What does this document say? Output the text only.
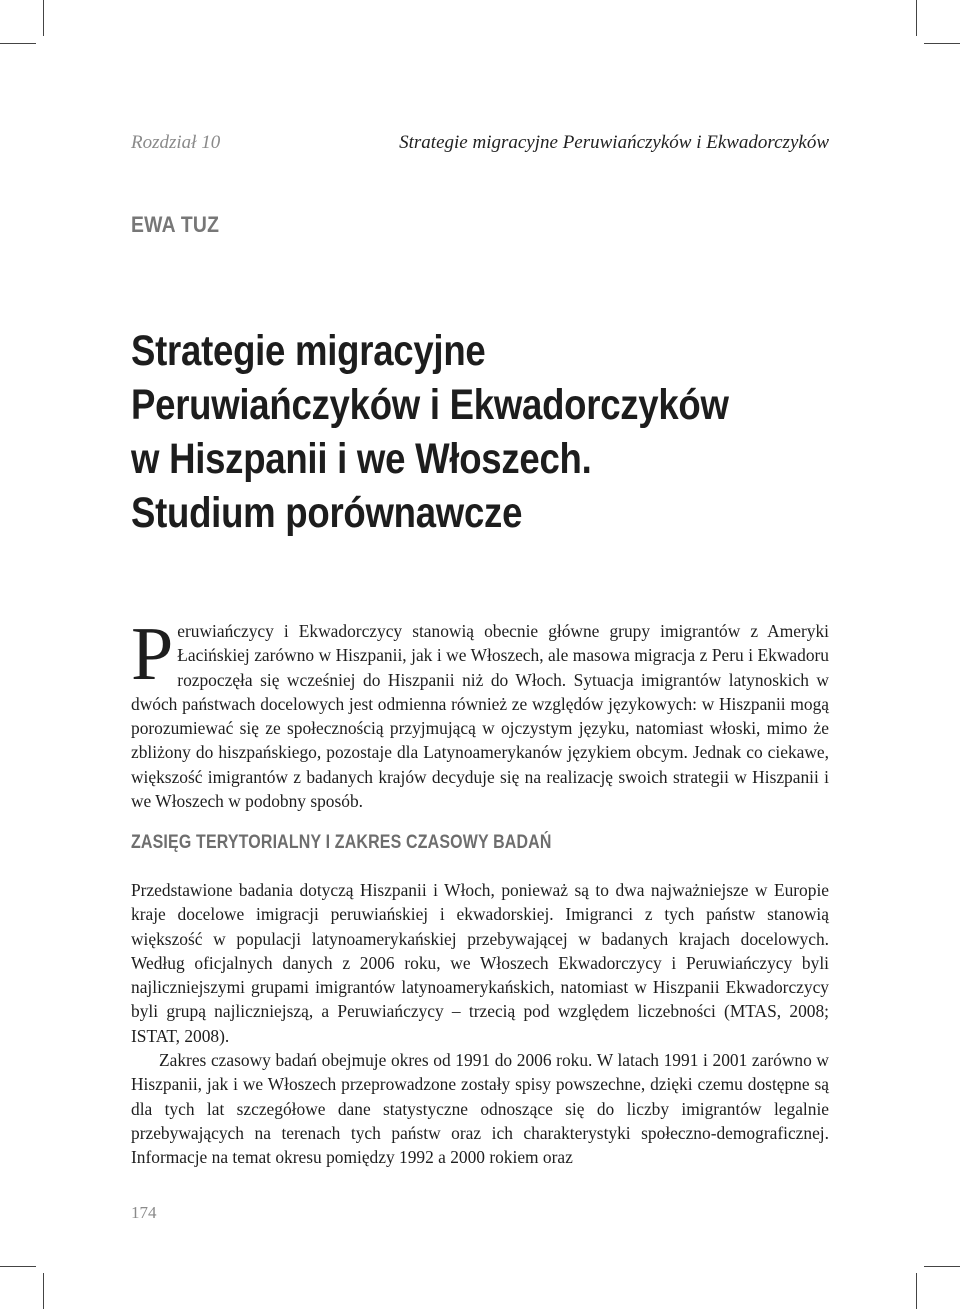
Rozdział 10	Strategie migracyjne Peruwiańczyków i Ekwadorczyków
EWA TUZ
Strategie migracyjne
Peruwiańczyków i Ekwadorczyków
w Hiszpanii i we Włoszech.
Studium porównawcze

Peruwiańczycy i Ekwadorczycy stanowią obecnie główne grupy imigrantów z Ameryki Łacińskiej zarówno w Hiszpanii, jak i we Włoszech, ale masowa migracja z Peru i Ekwadoru rozpoczęła się wcześniej do Hiszpanii niż do Włoch. Sytuacja imigrantów latynoskich w dwóch państwach docelowych jest odmienna również ze względów językowych: w Hiszpanii mogą porozumiewać się ze społecznością przyjmującą w ojczystym języku, natomiast włoski, mimo że zbliżony do hiszpańskiego, pozostaje dla Latynoamerykanów językiem obcym. Jednak co ciekawe, większość imigrantów z badanych krajów decyduje się na realizację swoich strategii w Hiszpanii i we Włoszech w podobny sposób.

ZASIĘG TERYTORIALNY I ZAKRES CZASOWY BADAŃ

Przedstawione badania dotyczą Hiszpanii i Włoch, ponieważ są to dwa najważniejsze w Europie kraje docelowe imigracji peruwiańskiej i ekwadorskiej. Imigranci z tych państw stanowią większość w populacji latynoamerykańskiej przebywającej w badanych krajach docelowych. Według oficjalnych danych z 2006 roku, we Włoszech Ekwadorczycy i Peruwiańczycy byli najliczniejszymi grupami imigrantów latynoamerykańskich, natomiast w Hiszpanii Ekwadorczycy byli grupą najliczniejszą, a Peruwiańczycy – trzecią pod względem liczebności (MTAS, 2008; ISTAT, 2008).

Zakres czasowy badań obejmuje okres od 1991 do 2006 roku. W latach 1991 i 2001 zarówno w Hiszpanii, jak i we Włoszech przeprowadzone zostały spisy powszechne, dzięki czemu dostępne są dla tych lat szczegółowe dane statystyczne odnoszące się do liczby imigrantów legalnie przebywających na terenach tych państw oraz ich charakterystyki społeczno-demograficznej. Informacje na temat okresu pomiędzy 1992 a 2000 rokiem oraz

174
